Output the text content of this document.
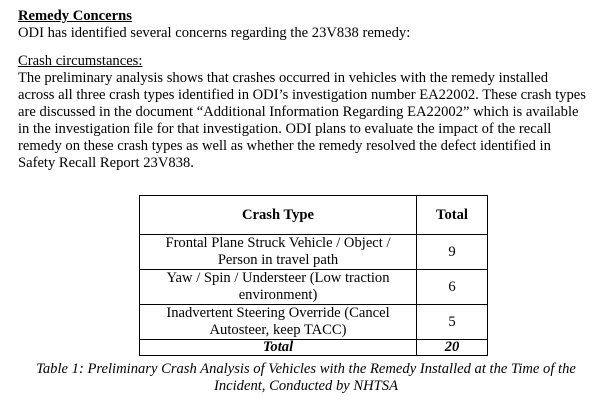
Remedy Concerns

ODI has identified several concerns regarding the 23V838 remedy:

Crash circumstances:

The preliminary analysis shows that crashes occurred in vehicles with the remedy installed

across all three crash types identified in ODI’s investigation number EA22002. These crash types

are discussed in the document “Additional Information Regarding EA22002” which is available

in the investigation file for that investigation. ODI plans to evaluate the impact of the recall

remedy on these crash types as well as whether the remedy resolved the defect identified in

Safety Recall Report 23V838.

Crash Type	Total
Frontal Plane Struck Vehicle / Object /
Person in travel path	9
Yaw / Spin / Understeer (Low traction
environment)	6
Inadvertent Steering Override (Cancel
Autosteer, keep TACC)	5
Total	20
Table 1: Preliminary Crash Analysis of Vehicles with the Remedy Installed at the Time of the
Incident, Conducted by NHTSA
